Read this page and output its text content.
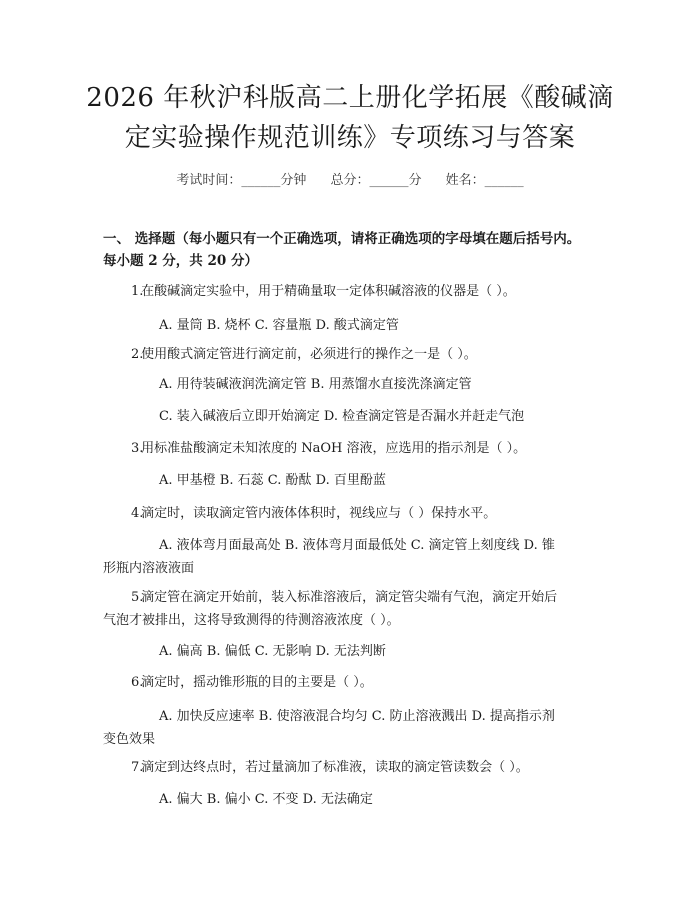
2026 年秋沪科版高二上册化学拓展《酸碱滴
定实验操作规范训练》专项练习与答案
考试时间：______分钟 总分：______分 姓名：______
一、 选择题（每小题只有一个正确选项，请将正确选项的字母填在题后括号内。
每小题 2 分，共 20 分）
1. 在酸碱滴定实验中，用于精确量取一定体积碱溶液的仪器是（ ）。
A. 量筒 B. 烧杯 C. 容量瓶 D. 酸式滴定管
2. 使用酸式滴定管进行滴定前，必须进行的操作之一是（ ）。
A. 用待装碱液润洗滴定管 B. 用蒸馏水直接洗涤滴定管
C. 装入碱液后立即开始滴定 D. 检查滴定管是否漏水并赶走气泡
3. 用标准盐酸滴定未知浓度的 NaOH 溶液，应选用的指示剂是（ ）。
A. 甲基橙 B. 石蕊 C. 酚酞 D. 百里酚蓝
4. 滴定时，读取滴定管内液体体积时，视线应与（ ）保持水平。
A. 液体弯月面最高处 B. 液体弯月面最低处 C. 滴定管上刻度线 D. 锥
形瓶内溶液液面
5. 滴定管在滴定开始前，装入标准溶液后，滴定管尖端有气泡，滴定开始后
气泡才被排出，这将导致测得的待测溶液浓度（ ）。
A. 偏高 B. 偏低 C. 无影响 D. 无法判断
6. 滴定时，摇动锥形瓶的目的主要是（ ）。
A. 加快反应速率 B. 使溶液混合均匀 C. 防止溶液溅出 D. 提高指示剂
变色效果
7. 滴定到达终点时，若过量滴加了标准液，读取的滴定管读数会（ ）。
A. 偏大 B. 偏小 C. 不变 D. 无法确定
